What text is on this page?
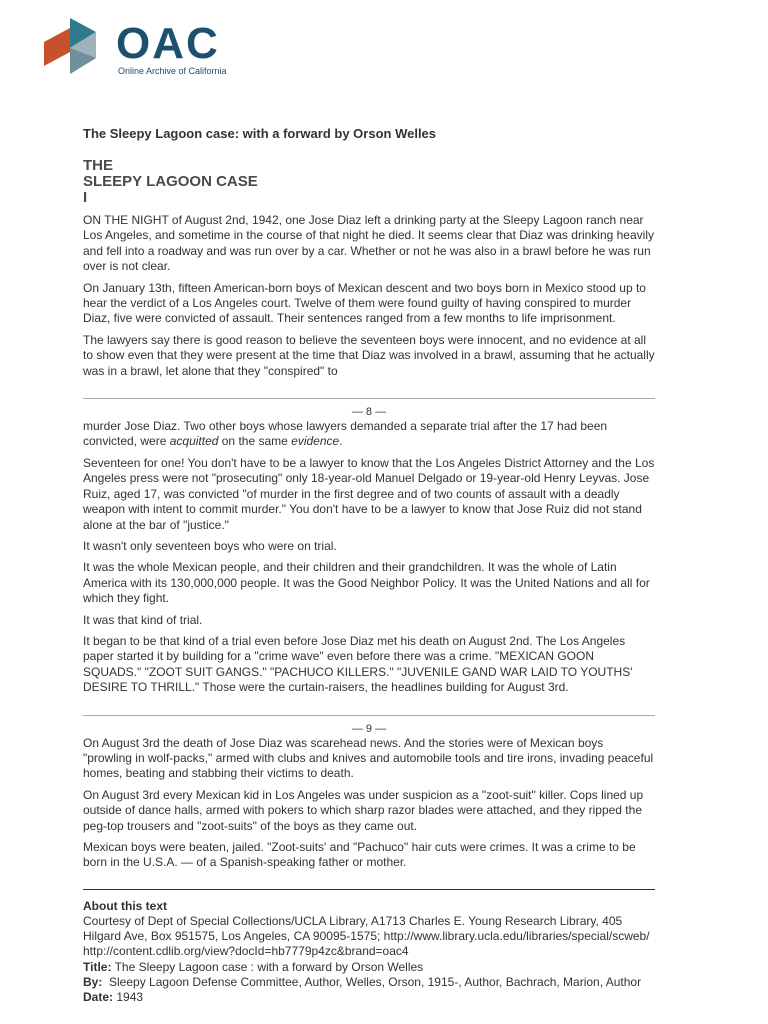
OAC
Online Archive of California
The Sleepy Lagoon case: with a forward by Orson Welles
THE
SLEEPY LAGOON CASE
I

ON THE NIGHT of August 2nd, 1942, one Jose Diaz left a drinking party at the Sleepy Lagoon ranch near Los Angeles, and sometime in the course of that night he died. It seems clear that Diaz was drinking heavily and fell into a roadway and was run over by a car. Whether or not he was also in a brawl before he was run over is not clear.

On January 13th, fifteen American-born boys of Mexican descent and two boys born in Mexico stood up to hear the verdict of a Los Angeles court. Twelve of them were found guilty of having conspired to murder Diaz, five were convicted of assault. Their sentences ranged from a few months to life imprisonment.

The lawyers say there is good reason to believe the seventeen boys were innocent, and no evidence at all to show even that they were present at the time that Diaz was involved in a brawl, assuming that he actually was in a brawl, let alone that they "conspired" to

— 8 —

murder Jose Diaz. Two other boys whose lawyers demanded a separate trial after the 17 had been convicted, were acquitted on the same evidence.

Seventeen for one! You don't have to be a lawyer to know that the Los Angeles District Attorney and the Los Angeles press were not "prosecuting" only 18-year-old Manuel Delgado or 19-year-old Henry Leyvas. Jose Ruiz, aged 17, was convicted "of murder in the first degree and of two counts of assault with a deadly weapon with intent to commit murder." You don't have to be a lawyer to know that Jose Ruiz did not stand alone at the bar of "justice."

It wasn't only seventeen boys who were on trial.

It was the whole Mexican people, and their children and their grandchildren. It was the whole of Latin America with its 130,000,000 people. It was the Good Neighbor Policy. It was the United Nations and all for which they fight.

It was that kind of trial.

It began to be that kind of a trial even before Jose Diaz met his death on August 2nd. The Los Angeles paper started it by building for a "crime wave" even before there was a crime. "MEXICAN GOON SQUADS." "ZOOT SUIT GANGS." "PACHUCO KILLERS." "JUVENILE GAND WAR LAID TO YOUTHS' DESIRE TO THRILL." Those were the curtain-raisers, the headlines building for August 3rd.

— 9 —

On August 3rd the death of Jose Diaz was scarehead news. And the stories were of Mexican boys "prowling in wolf-packs," armed with clubs and knives and automobile tools and tire irons, invading peaceful homes, beating and stabbing their victims to death.

On August 3rd every Mexican kid in Los Angeles was under suspicion as a "zoot-suit" killer. Cops lined up outside of dance halls, armed with pokers to which sharp razor blades were attached, and they ripped the peg-top trousers and "zoot-suits" of the boys as they came out.

Mexican boys were beaten, jailed. "Zoot-suits' and "Pachuco" hair cuts were crimes. It was a crime to be born in the U.S.A. — of a Spanish-speaking father or mother.

About this text
Courtesy of Dept of Special Collections/UCLA Library, A1713 Charles E. Young Research Library, 405 Hilgard Ave, Box 951575, Los Angeles, CA 90095-1575; http://www.library.ucla.edu/libraries/special/scweb/
http://content.cdlib.org/view?docId=hb7779p4zc&brand=oac4
Title: The Sleepy Lagoon case : with a forward by Orson Welles
By: Sleepy Lagoon Defense Committee, Author, Welles, Orson, 1915-, Author, Bachrach, Marion, Author
Date: 1943
